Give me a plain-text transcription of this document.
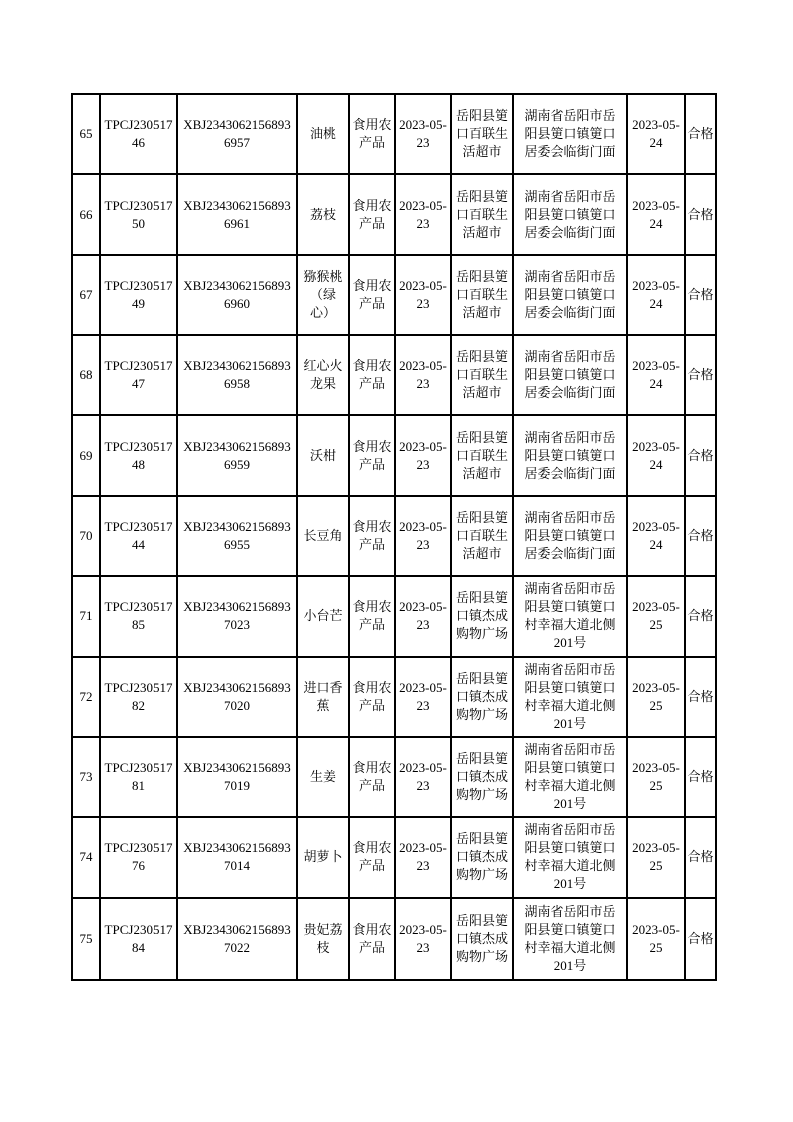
65	TPCJ23051746	XBJ23430621568936957	油桃	食用农产品	2023-05-23	岳阳县筻口百联生活超市	湖南省岳阳市岳阳县筻口镇筻口居委会临街门面	2023-05-24	合格
66	TPCJ23051750	XBJ23430621568936961	荔枝	食用农产品	2023-05-23	岳阳县筻口百联生活超市	湖南省岳阳市岳阳县筻口镇筻口居委会临街门面	2023-05-24	合格
67	TPCJ23051749	XBJ23430621568936960	猕猴桃（绿心）	食用农产品	2023-05-23	岳阳县筻口百联生活超市	湖南省岳阳市岳阳县筻口镇筻口居委会临街门面	2023-05-24	合格
68	TPCJ23051747	XBJ23430621568936958	红心火龙果	食用农产品	2023-05-23	岳阳县筻口百联生活超市	湖南省岳阳市岳阳县筻口镇筻口居委会临街门面	2023-05-24	合格
69	TPCJ23051748	XBJ23430621568936959	沃柑	食用农产品	2023-05-23	岳阳县筻口百联生活超市	湖南省岳阳市岳阳县筻口镇筻口居委会临街门面	2023-05-24	合格
70	TPCJ23051744	XBJ23430621568936955	长豆角	食用农产品	2023-05-23	岳阳县筻口百联生活超市	湖南省岳阳市岳阳县筻口镇筻口居委会临街门面	2023-05-24	合格
71	TPCJ23051785	XBJ23430621568937023	小台芒	食用农产品	2023-05-23	岳阳县筻口镇杰成购物广场	湖南省岳阳市岳阳县筻口镇筻口村幸福大道北侧201号	2023-05-25	合格
72	TPCJ23051782	XBJ23430621568937020	进口香蕉	食用农产品	2023-05-23	岳阳县筻口镇杰成购物广场	湖南省岳阳市岳阳县筻口镇筻口村幸福大道北侧201号	2023-05-25	合格
73	TPCJ23051781	XBJ23430621568937019	生姜	食用农产品	2023-05-23	岳阳县筻口镇杰成购物广场	湖南省岳阳市岳阳县筻口镇筻口村幸福大道北侧201号	2023-05-25	合格
74	TPCJ23051776	XBJ23430621568937014	胡萝卜	食用农产品	2023-05-23	岳阳县筻口镇杰成购物广场	湖南省岳阳市岳阳县筻口镇筻口村幸福大道北侧201号	2023-05-25	合格
75	TPCJ23051784	XBJ23430621568937022	贵妃荔枝	食用农产品	2023-05-23	岳阳县筻口镇杰成购物广场	湖南省岳阳市岳阳县筻口镇筻口村幸福大道北侧201号	2023-05-25	合格
